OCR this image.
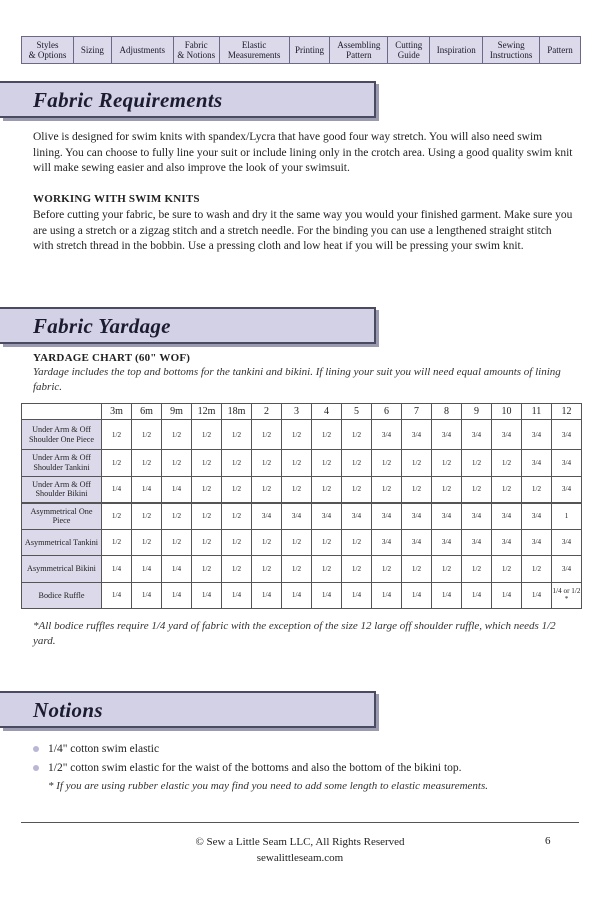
Styles
& Options	Sizing	Adjustments	Fabric
& Notions
Elastic
Measurements	Printing	Assembling
Pattern
Cutting
Guide	Inspiration	Sewing
Instructions	Pattern
Fabric Requirements

Olive is designed for swim knits with spandex/Lycra that have good four way stretch. You will also need swim lining. You can choose to fully line your suit or include lining only in the crotch area. Using a good quality swim knit will make sewing easier and also improve the look of your swimsuit.

WORKING WITH SWIM KNITS

Before cutting your fabric, be sure to wash and dry it the same way you would your finished garment. Make sure you are using a stretch or a zigzag stitch and a stretch needle. For the binding you can use a lengthened straight stitch with stretch thread in the bobbin. Use a pressing cloth and low heat if you will be pressing your swim knit.

Fabric Yardage
YARDAGE CHART (60" WOF)

Yardage includes the top and bottoms for the tankini and bikini. If lining your suit you will need equal amounts of lining fabric.

	3m	6m	9m	12m	18m	2	3	4	5	6	7	8	9	10	11	12
Under Arm & Off Shoulder One Piece	1/2	1/2	1/2	1/2	1/2	1/2	1/2	1/2	1/2	3/4	3/4	3/4	3/4	3/4	3/4	3/4
Under Arm & Off Shoulder Tankini	1/2	1/2	1/2	1/2	1/2	1/2	1/2	1/2	1/2	1/2	1/2	1/2	1/2	1/2	3/4	3/4
Under Arm & Off Shoulder Bikini	1/4	1/4	1/4	1/2	1/2	1/2	1/2	1/2	1/2	1/2	1/2	1/2	1/2	1/2	1/2	3/4
Asymmetrical One Piece	1/2	1/2	1/2	1/2	1/2	3/4	3/4	3/4	3/4	3/4	3/4	3/4	3/4	3/4	3/4	1
Asymmetrical Tankini	1/2	1/2	1/2	1/2	1/2	1/2	1/2	1/2	1/2	3/4	3/4	3/4	3/4	3/4	3/4	3/4
Asymmetrical Bikini	1/4	1/4	1/4	1/2	1/2	1/2	1/2	1/2	1/2	1/2	1/2	1/2	1/2	1/2	1/2	3/4
Bodice Ruffle	1/4	1/4	1/4	1/4	1/4	1/4	1/4	1/4	1/4	1/4	1/4	1/4	1/4	1/4	1/4	1/4 or 1/2 *

*All bodice ruffles require 1/4 yard of fabric with the exception of the size 12 large off shoulder ruffle, which needs 1/2 yard.

Notions
1/4" cotton swim elastic
1/2" cotton swim elastic for the waist of the bottoms and also the bottom of the bikini top.
* If you are using rubber elastic you may find you need to add some length to elastic measurements.
© Sew a Little Seam LLC, All Rights Reserved
sewalittleseam.com
6
